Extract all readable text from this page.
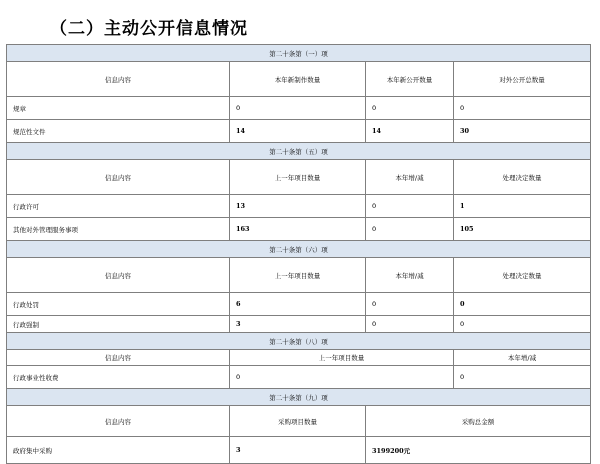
（二）主动公开信息情况
第二十条第（一）项			
信息内容	本年新制作数量	本年新公开数量	对外公开总数量
规章	0	0	0
规范性文件	14	14	30
第二十条第（五）项			
信息内容	上一年项目数量	本年增/减	处理决定数量
行政许可	13	0	1
其他对外管理服务事项	163	0	105
第二十条第（六）项			
信息内容	上一年项目数量	本年增/减	处理决定数量
行政处罚	6	0	0
行政强制	3	0	0
第二十条第（八）项			
信息内容	上一年项目数量		本年增/减
行政事业性收费	0		0
第二十条第（九）项			
信息内容	采购项目数量	采购总金额	
政府集中采购	3	3199200元	
